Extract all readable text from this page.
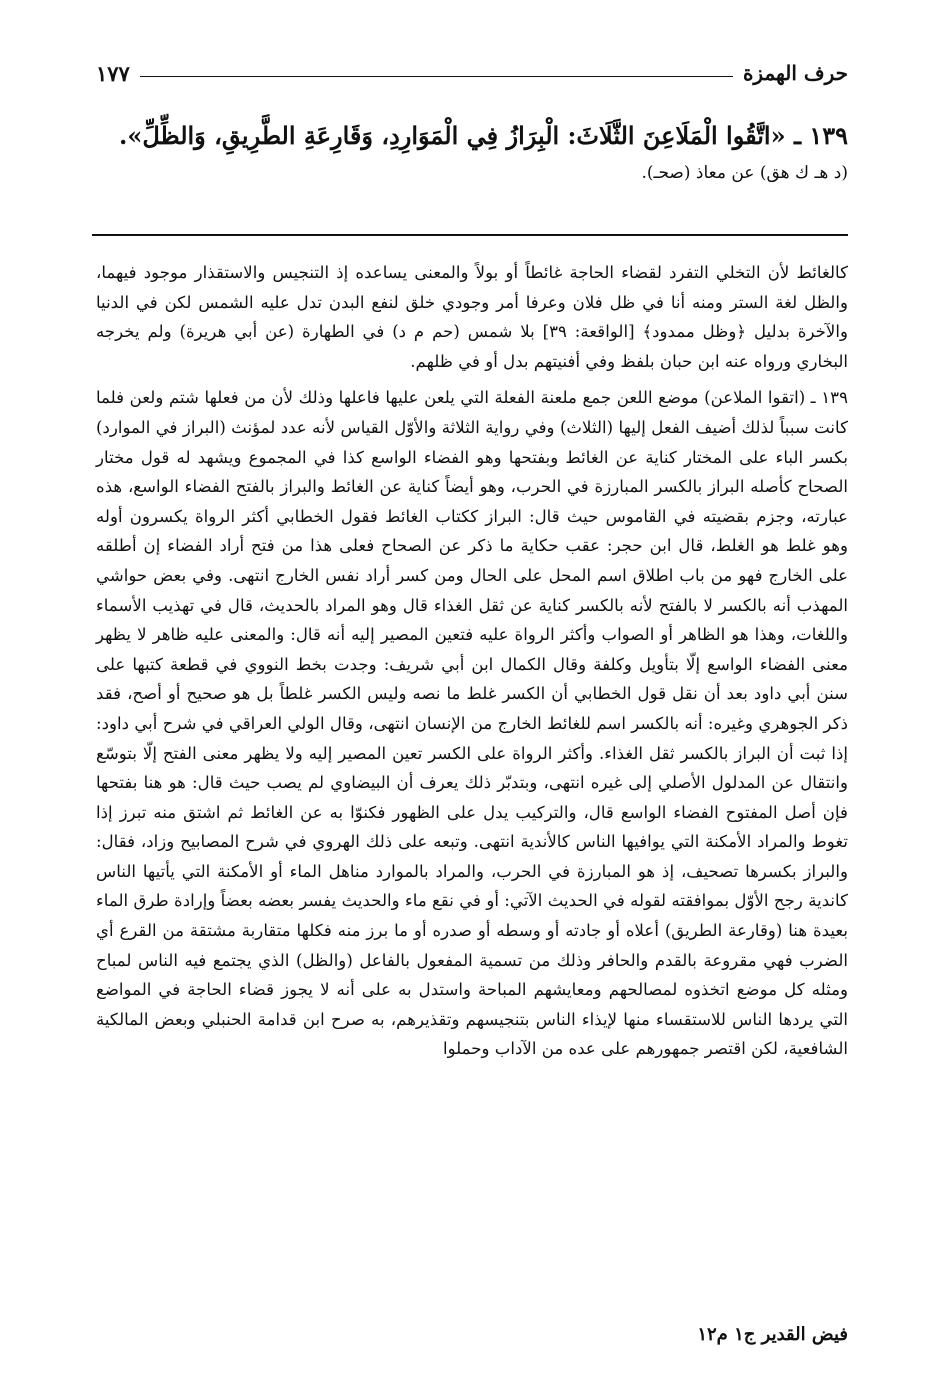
حرف الهمزة
١٧٧
١٣٩ ـ «اتَّقُوا الْمَلَاعِنَ الثَّلَاثَ: الْبِرَازُ فِي الْمَوَارِدِ، وَقَارِعَةِ الطَّرِيقِ، وَالظِّلِّ».
(د هـ ك هق) عن معاذ (صحـ).

كالغائط لأن التخلي التفرد لقضاء الحاجة غائطاً أو بولاً والمعنى يساعده إذ التنجيس والاستقذار موجود فيهما، والظل لغة الستر ومنه أنا في ظل فلان وعرفا أمر وجودي خلق لنفع البدن تدل عليه الشمس لكن في الدنيا والآخرة بدليل ﴿وظل ممدود﴾ [الواقعة: ٣٩] بلا شمس (حم م د) في الطهارة (عن أبي هريرة) ولم يخرجه البخاري ورواه عنه ابن حبان بلفظ وفي أفنيتهم بدل أو في ظلهم.

١٣٩ ـ (اتقوا الملاعن) موضع اللعن جمع ملعنة الفعلة التي يلعن عليها فاعلها وذلك لأن من فعلها شتم ولعن فلما كانت سبباً لذلك أضيف الفعل إليها (الثلاث) وفي رواية الثلاثة والأوّل القياس لأنه عدد لمؤنث (البراز في الموارد) بكسر الباء على المختار كناية عن الغائط وبفتحها وهو الفضاء الواسع كذا في المجموع ويشهد له قول مختار الصحاح كأصله البراز بالكسر المبارزة في الحرب، وهو أيضاً كناية عن الغائط والبراز بالفتح الفضاء الواسع، هذه عبارته، وجزم بقضيته في القاموس حيث قال: البراز ككتاب الغائط فقول الخطابي أكثر الرواة يكسرون أوله وهو غلط هو الغلط، قال ابن حجر: عقب حكاية ما ذكر عن الصحاح فعلى هذا من فتح أراد الفضاء إن أطلقه على الخارج فهو من باب اطلاق اسم المحل على الحال ومن كسر أراد نفس الخارج انتهى. وفي بعض حواشي المهذب أنه بالكسر لا بالفتح لأنه بالكسر كناية عن ثقل الغذاء قال وهو المراد بالحديث، قال في تهذيب الأسماء واللغات، وهذا هو الظاهر أو الصواب وأكثر الرواة عليه فتعين المصير إليه أنه قال: والمعنى عليه ظاهر لا يظهر معنى الفضاء الواسع إلّا بتأويل وكلفة وقال الكمال ابن أبي شريف: وجدت بخط النووي في قطعة كتبها على سنن أبي داود بعد أن نقل قول الخطابي أن الكسر غلط ما نصه وليس الكسر غلطاً بل هو صحيح أو أصح، فقد ذكر الجوهري وغيره: أنه بالكسر اسم للغائط الخارج من الإنسان انتهى، وقال الولي العراقي في شرح أبي داود: إذا ثبت أن البراز بالكسر ثقل الغذاء. وأكثر الرواة على الكسر تعين المصير إليه ولا يظهر معنى الفتح إلّا بتوسّع وانتقال عن المدلول الأصلي إلى غيره انتهى، وبتدبّر ذلك يعرف أن البيضاوي لم يصب حيث قال: هو هنا بفتحها فإن أصل المفتوح الفضاء الواسع قال، والتركيب يدل على الظهور فكنوّا به عن الغائط ثم اشتق منه تبرز إذا تغوط والمراد الأمكنة التي يوافيها الناس كالأندية انتهى. وتبعه على ذلك الهروي في شرح المصابيح وزاد، فقال: والبراز بكسرها تصحيف، إذ هو المبارزة في الحرب، والمراد بالموارد مناهل الماء أو الأمكنة التي يأتيها الناس كاندية رجح الأوّل بموافقته لقوله في الحديث الآتي: أو في نقع ماء والحديث يفسر بعضه بعضاً وإرادة طرق الماء بعيدة هنا (وقارعة الطريق) أعلاه أو جادته أو وسطه أو صدره أو ما برز منه فكلها متقاربة مشتقة من القرع أي الضرب فهي مقروعة بالقدم والحافر وذلك من تسمية المفعول بالفاعل (والظل) الذي يجتمع فيه الناس لمباح ومثله كل موضع اتخذوه لمصالحهم ومعايشهم المباحة واستدل به على أنه لا يجوز قضاء الحاجة في المواضع التي يردها الناس للاستقساء منها لإيذاء الناس بتنجيسهم وتقذيرهم، به صرح ابن قدامة الحنبلي وبعض المالكية الشافعية، لكن اقتصر جمهورهم على عده من الآداب وحملوا

فيض القدير ج١ م١٢
